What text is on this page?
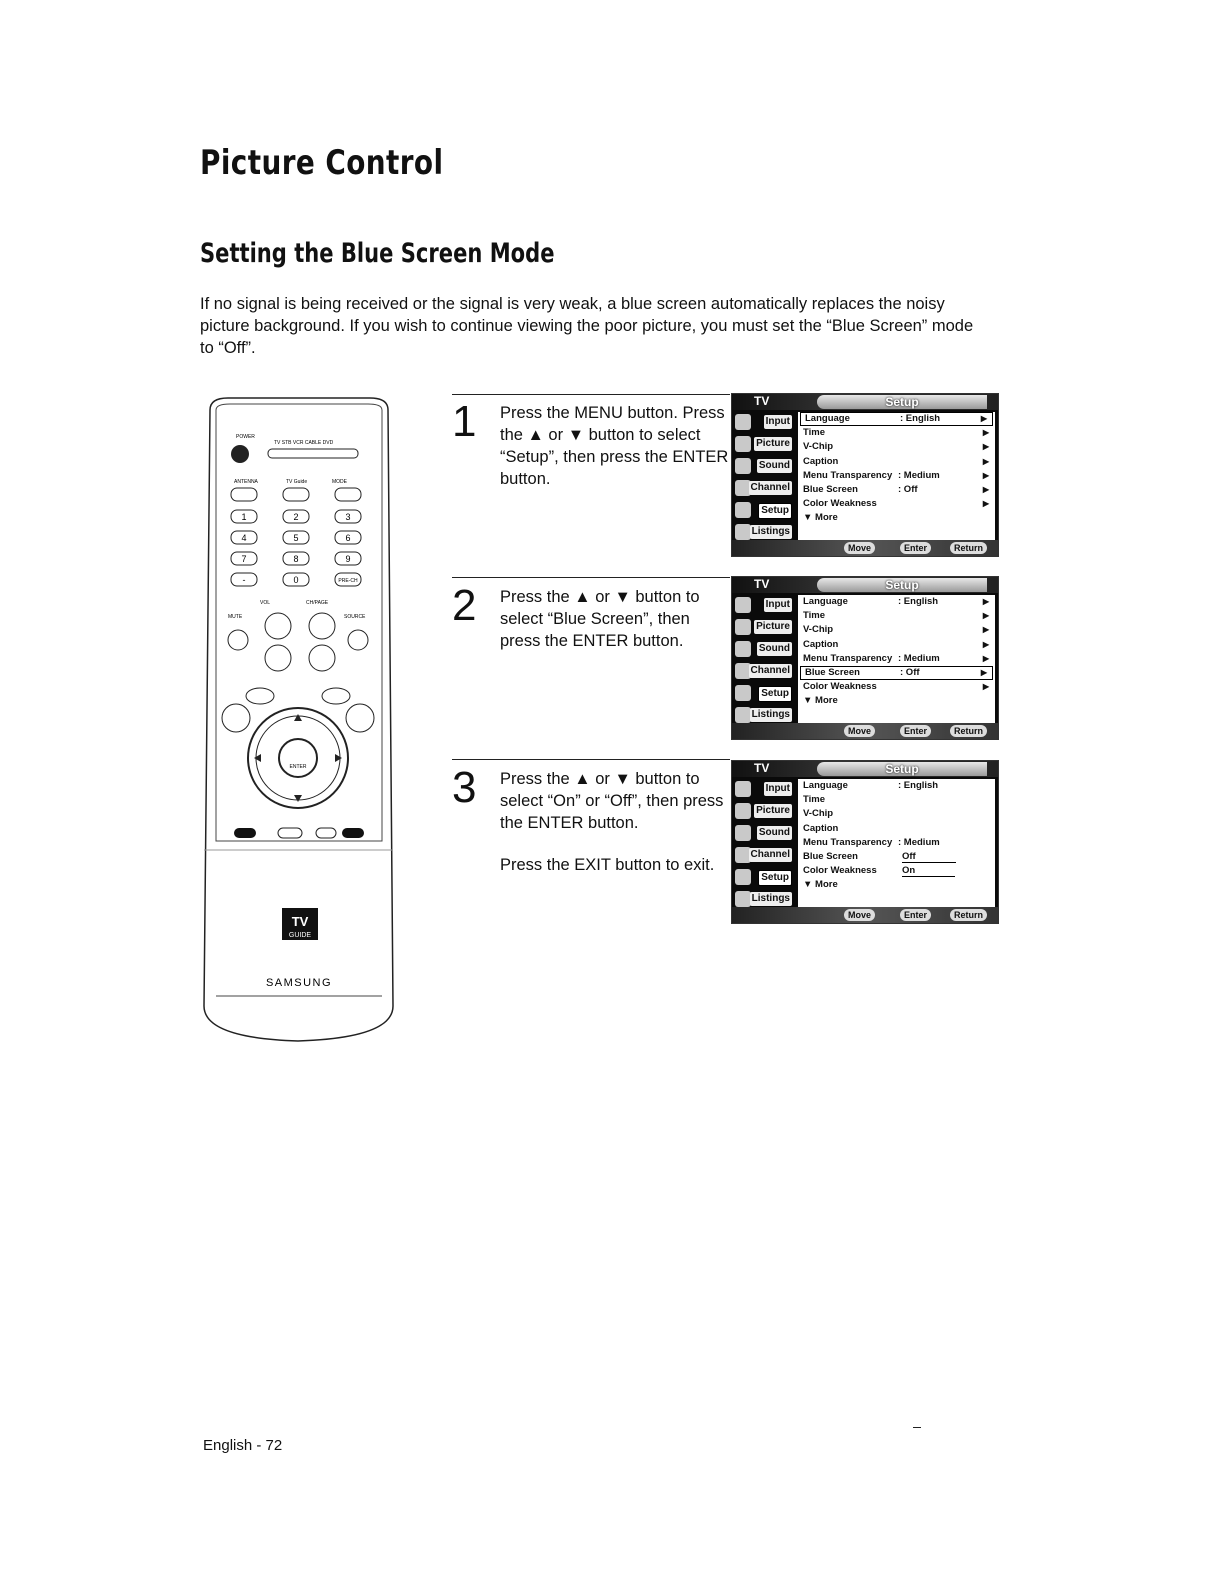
Picture Control
Setting the Blue Screen Mode
If no signal is being received or the signal is very weak, a blue screen automatically replaces the noisy picture background. If you wish to continue viewing the poor picture, you must set the “Blue Screen” mode to “Off”.
POWER
TV STB VCR CABLE DVD
ANTENNA	TV Guide	MODE
1	2	3
4	5	6
7	8	9
-	0	PRE-CH
VOL	CH/PAGE
MUTE	SOURCE
ENTER
TV
GUIDE
SAMSUNG
1 Press the MENU button. Press the ▲ or ▼ button to select “Setup”, then press the ENTER button.

2 Press the ▲ or ▼ button to select “Blue Screen”, then press the ENTER button.

3 Press the ▲ or ▼ button to select “On” or “Off”, then press the ENTER button.

Press the EXIT button to exit.

TV	Setup
Input
Picture
Sound
Channel
Setup
Listings
Language	: English	▶
Time	▶
V-Chip	▶
Caption	▶
Menu Transparency : Medium	▶
Blue Screen	: Off	▶
Color Weakness	▶
▼ More
Move	Enter	Return
TV	Setup
Input
Picture
Sound
Channel
Setup
Listings
Language	: English	▶
Time	▶
V-Chip	▶
Caption	▶
Menu Transparency : Medium	▶
Blue Screen	: Off	▶
Color Weakness	▶
▼ More
Move	Enter	Return
TV	Setup
Input
Picture
Sound
Channel
Setup
Listings
Language	: English
Time
V-Chip
Caption
Menu Transparency : Medium
Blue Screen	Off
Color Weakness	On
▼ More
Move	Enter	Return
English - 72
